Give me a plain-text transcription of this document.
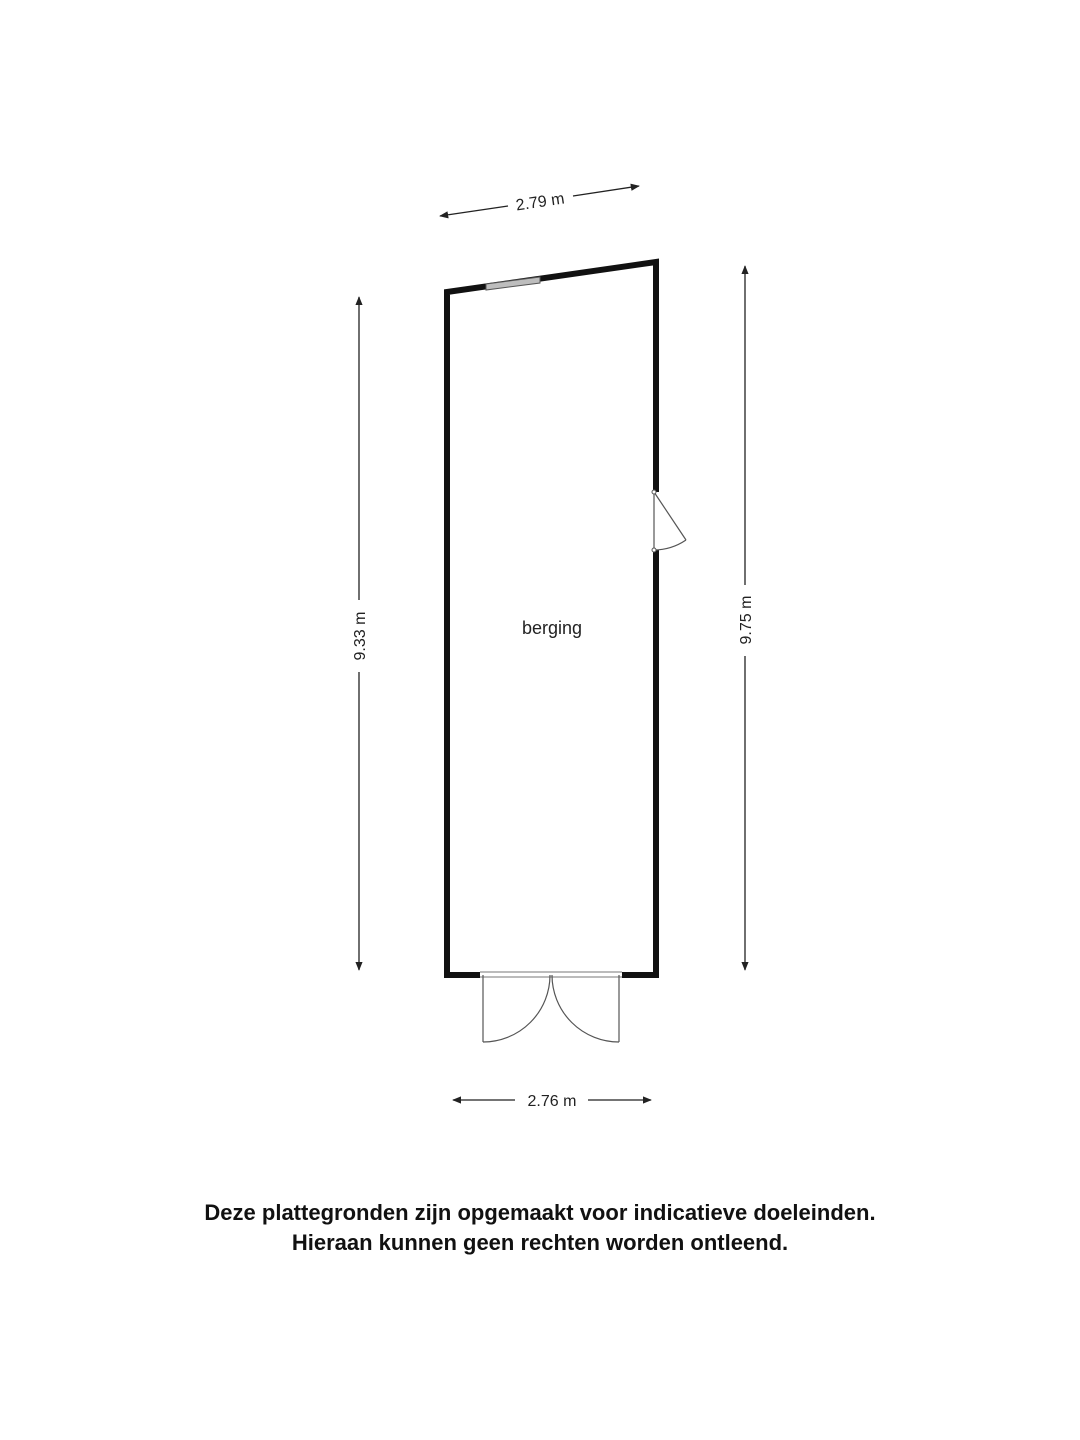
berging
2.79 m
2.76 m
9.33 m	9.75 m
Deze plattegronden zijn opgemaakt voor indicatieve doeleinden.
Hieraan kunnen geen rechten worden ontleend.
